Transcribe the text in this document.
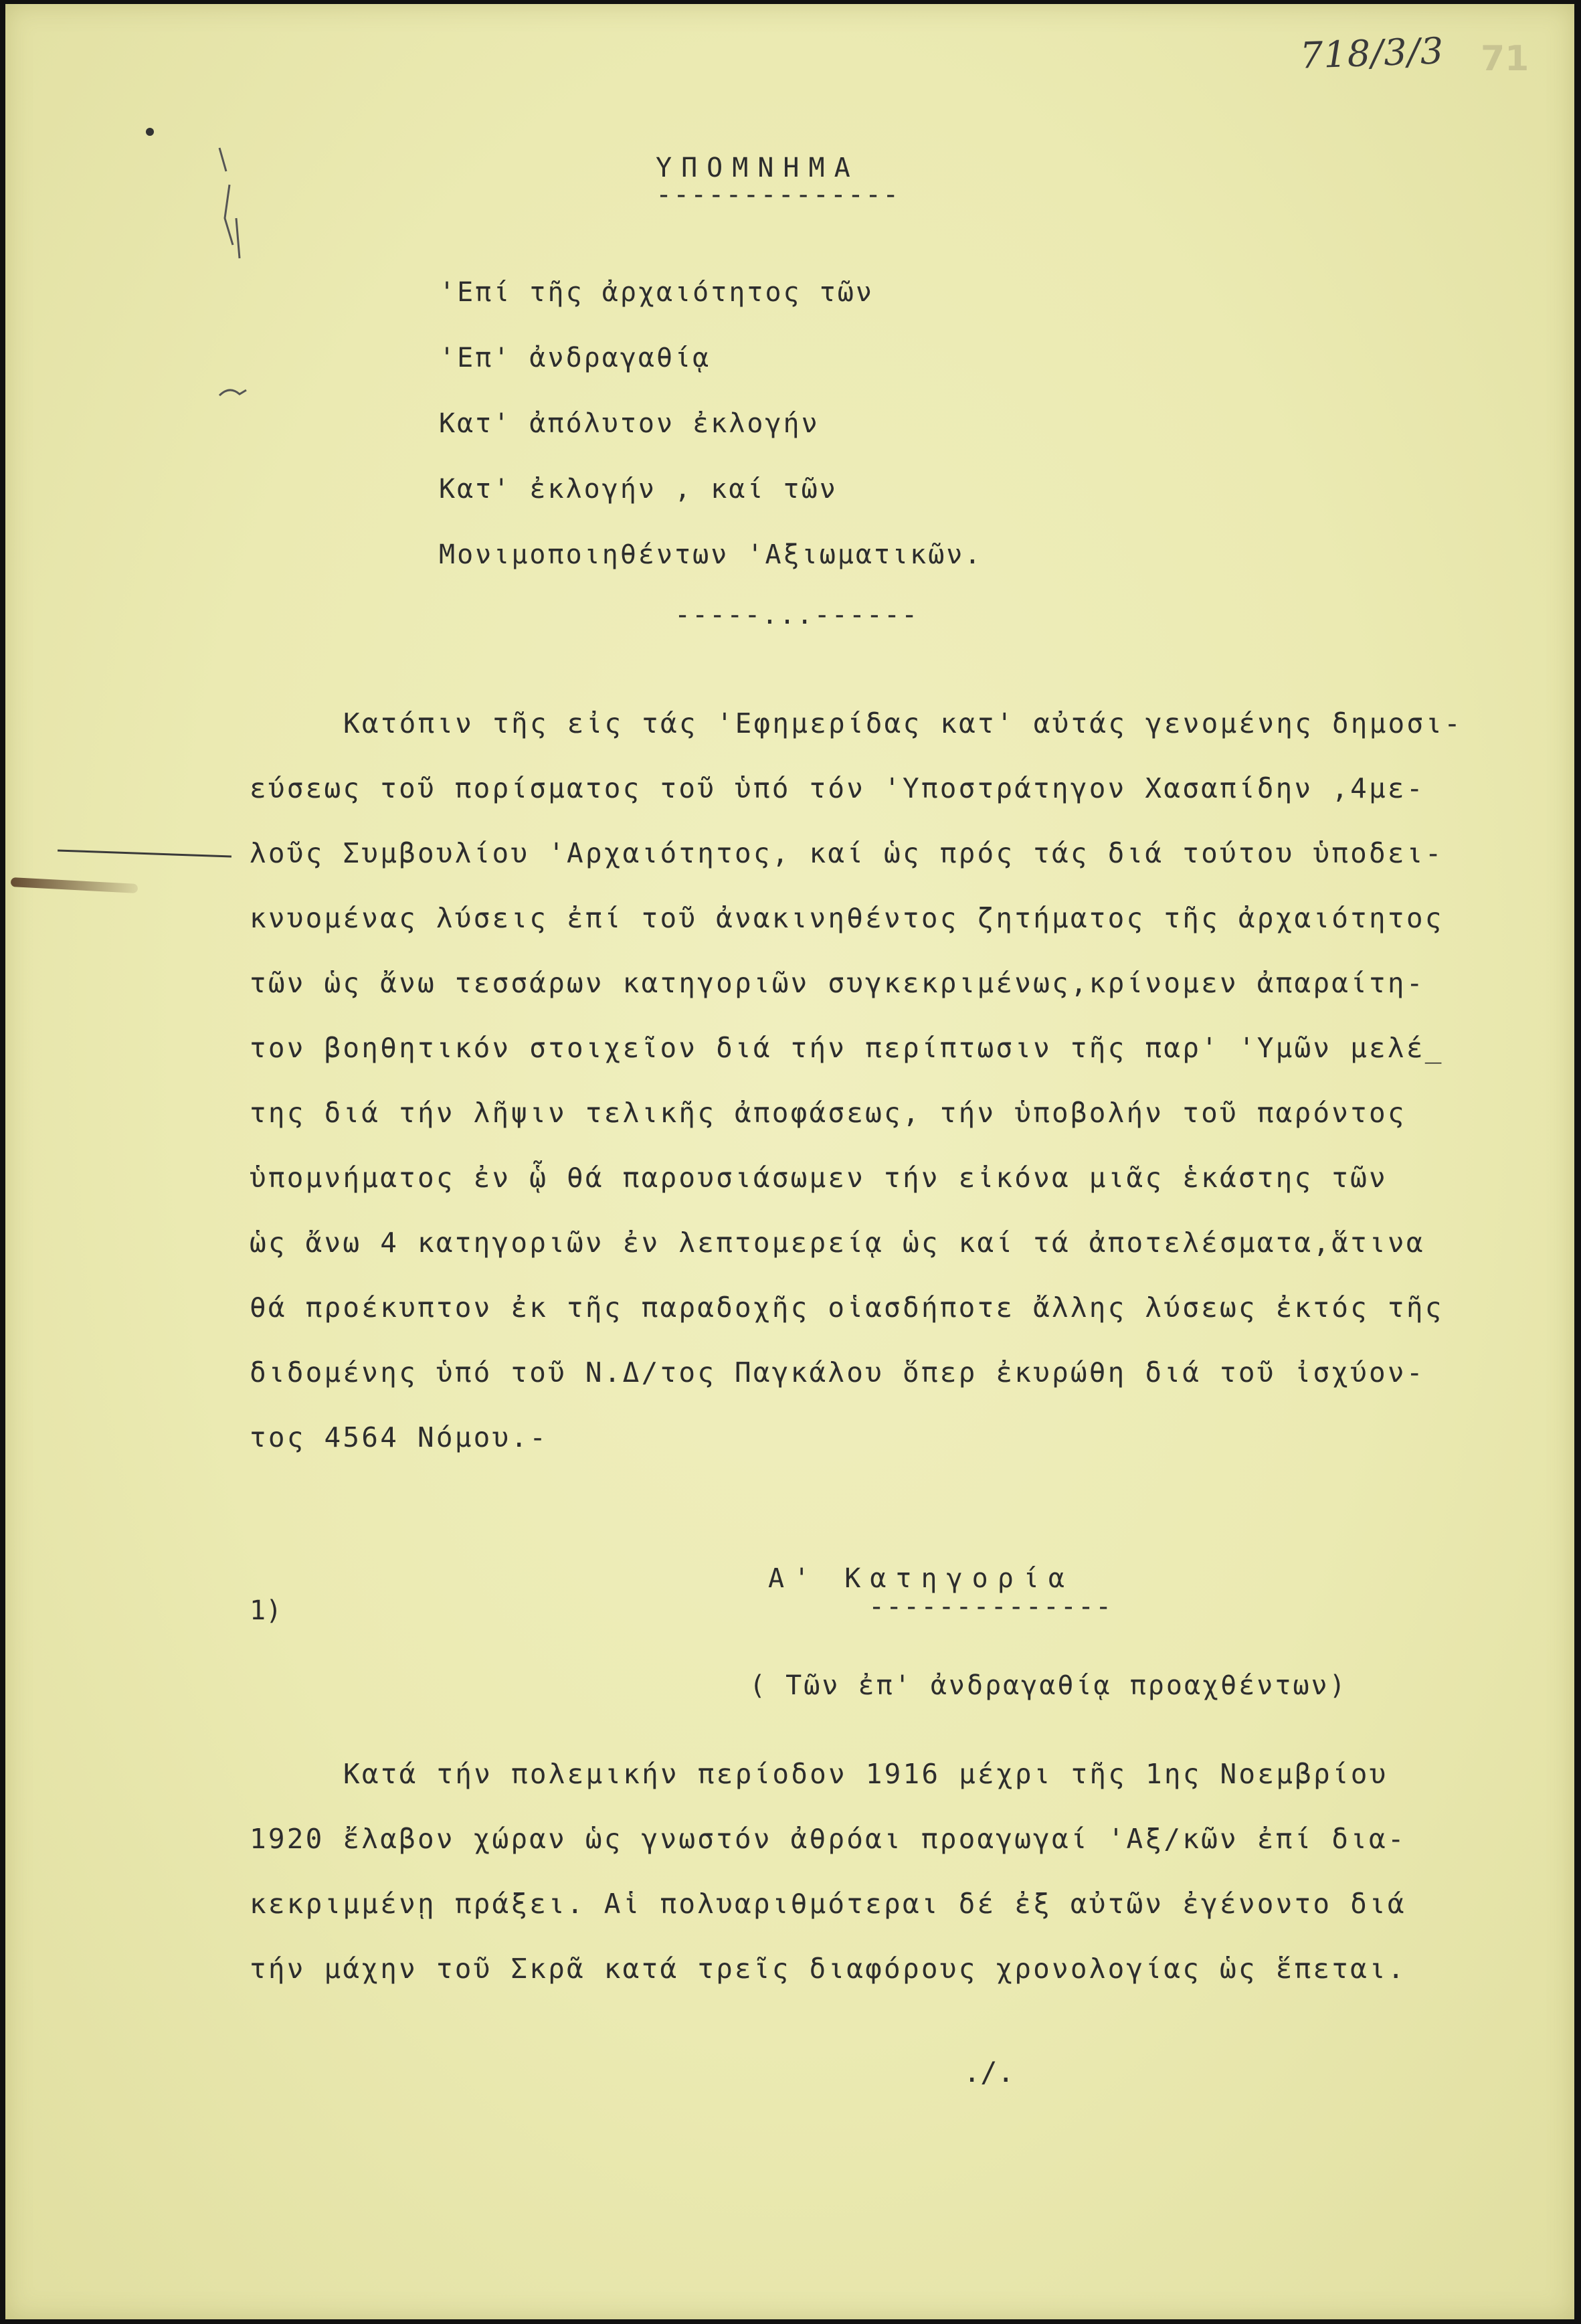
718/3/3 71
ΥΠΟΜΝΗΜΑ
--------------
'Επί τῆς ἀρχαιότητος τῶν
'Επ' ἀνδραγαθίᾳ
Κατ' ἀπόλυτον ἐκλογήν
Κατ' ἐκλογήν , καί τῶν
Μονιμοποιηθέντων 'Αξιωματικῶν.
-----...------
Κατόπιν τῆς εἰς τάς 'Εφημερίδας κατ' αὐτάς γενομένης δημοσι-
εύσεως τοῦ πορίσματος τοῦ ὑπό τόν 'Υποστράτηγον Χασαπίδην ,4με-
λοῦς Συμβουλίου 'Αρχαιότητος, καί ὡς πρός τάς διά τούτου ὑποδει-
κνυομένας λύσεις ἐπί τοῦ ἀνακινηθέντος ζητήματος τῆς ἀρχαιότητος
τῶν ὡς ἄνω τεσσάρων κατηγοριῶν συγκεκριμένως,κρίνομεν ἀπαραίτη-
τον βοηθητικόν στοιχεῖον διά τήν περίπτωσιν τῆς παρ' 'Υμῶν μελέ_
της διά τήν λῆψιν τελικῆς ἀποφάσεως, τήν ὑποβολήν τοῦ παρόντος
ὑπομνήματος ἐν ᾧ θά παρουσιάσωμεν τήν εἰκόνα μιᾶς ἑκάστης τῶν
ὡς ἄνω 4 κατηγοριῶν ἐν λεπτομερείᾳ ὡς καί τά ἀποτελέσματα,ἅτινα
θά προέκυπτον ἐκ τῆς παραδοχῆς οἱασδήποτε ἄλλης λύσεως ἐκτός τῆς
διδομένης ὑπό τοῦ Ν.Δ/τος Παγκάλου ὅπερ ἐκυρώθη διά τοῦ ἰσχύον-
τος 4564 Νόμου.-
1)
Α' Κατηγορία
--------------
( Τῶν ἐπ' ἀνδραγαθίᾳ προαχθέντων)
Κατά τήν πολεμικήν περίοδον 1916 μέχρι τῆς 1ης Νοεμβρίου
1920 ἔλαβον χώραν ὡς γνωστόν ἀθρόαι προαγωγαί 'Αξ/κῶν ἐπί δια-
κεκριμμένῃ πράξει. Αἱ πολυαριθμότεραι δέ ἐξ αὐτῶν ἐγένοντο διά
τήν μάχην τοῦ Σκρᾶ κατά τρεῖς διαφόρους χρονολογίας ὡς ἕπεται.
./.
